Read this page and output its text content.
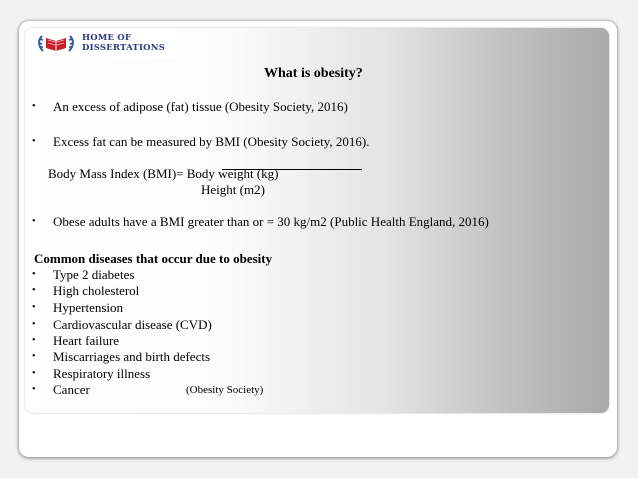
HOME OF
DISSERTATIONS
What is obesity?
• An excess of adipose (fat) tissue (Obesity Society, 2016)
• Excess fat can be measured by BMI (Obesity Society, 2016).
Body Mass Index (BMI)= Body weight (kg)
Height (m2)
• Obese adults have a BMI greater than or = 30 kg/m2 (Public Health England, 2016)
Common diseases that occur due to obesity
• Type 2 diabetes
• High cholesterol
• Hypertension
• Cardiovascular disease (CVD)
• Heart failure
• Miscarriages and birth defects
• Respiratory illness
• Cancer	(Obesity Society)
